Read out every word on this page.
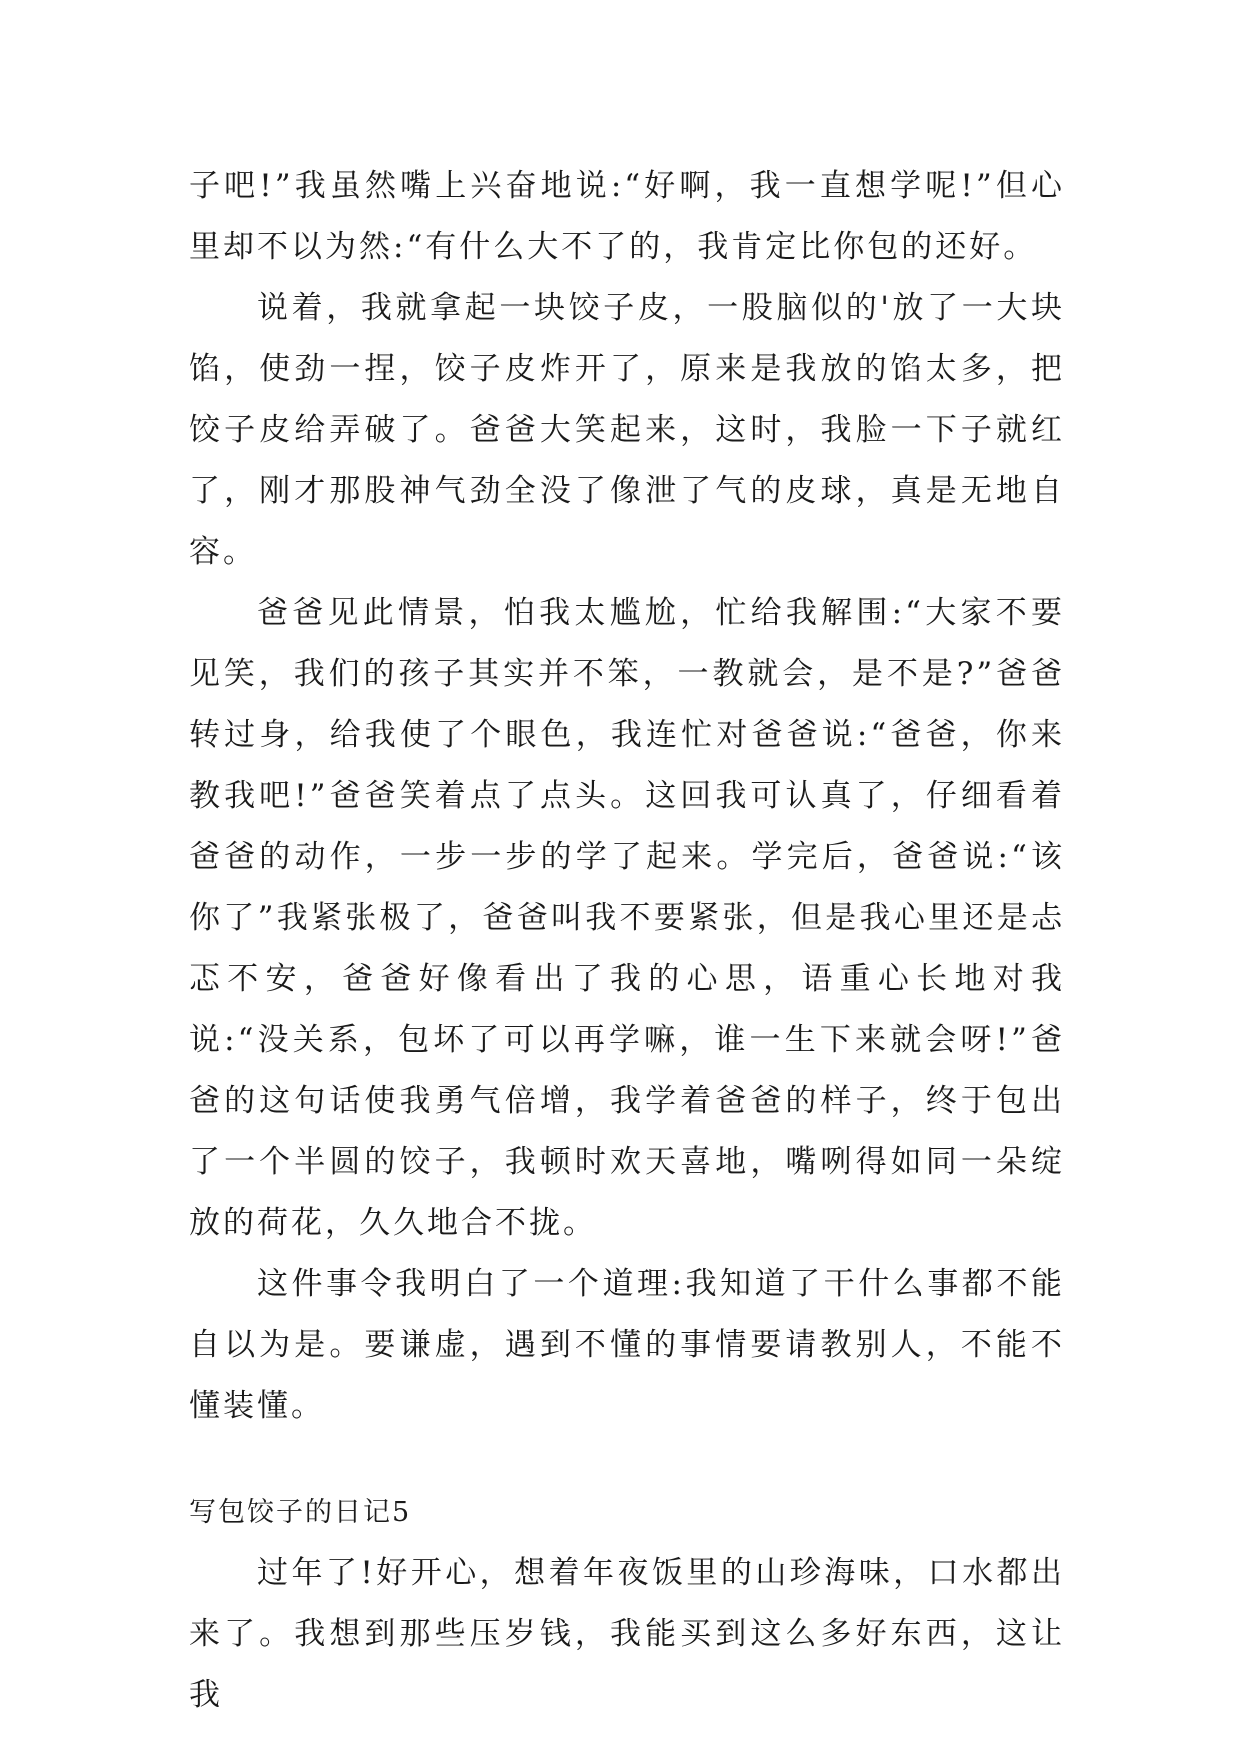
子吧!”我虽然嘴上兴奋地说:“好啊，我一直想学呢!”但心里却不以为然:“有什么大不了的，我肯定比你包的还好。

说着，我就拿起一块饺子皮，一股脑似的'放了一大块馅，使劲一捏，饺子皮炸开了，原来是我放的馅太多，把饺子皮给弄破了。爸爸大笑起来，这时，我脸一下子就红了，刚才那股神气劲全没了像泄了气的皮球，真是无地自容。

爸爸见此情景，怕我太尴尬，忙给我解围:“大家不要见笑，我们的孩子其实并不笨，一教就会，是不是?”爸爸转过身，给我使了个眼色，我连忙对爸爸说:“爸爸，你来教我吧!”爸爸笑着点了点头。这回我可认真了，仔细看着爸爸的动作，一步一步的学了起来。学完后，爸爸说:“该你了”我紧张极了，爸爸叫我不要紧张，但是我心里还是忐忑不安，爸爸好像看出了我的心思，语重心长地对我说:“没关系，包坏了可以再学嘛，谁一生下来就会呀!”爸爸的这句话使我勇气倍增，我学着爸爸的样子，终于包出了一个半圆的饺子，我顿时欢天喜地，嘴咧得如同一朵绽放的荷花，久久地合不拢。

这件事令我明白了一个道理:我知道了干什么事都不能自以为是。要谦虚，遇到不懂的事情要请教别人，不能不懂装懂。

写包饺子的日记5

过年了!好开心，想着年夜饭里的山珍海味，口水都出来了。我想到那些压岁钱，我能买到这么多好东西，这让我
